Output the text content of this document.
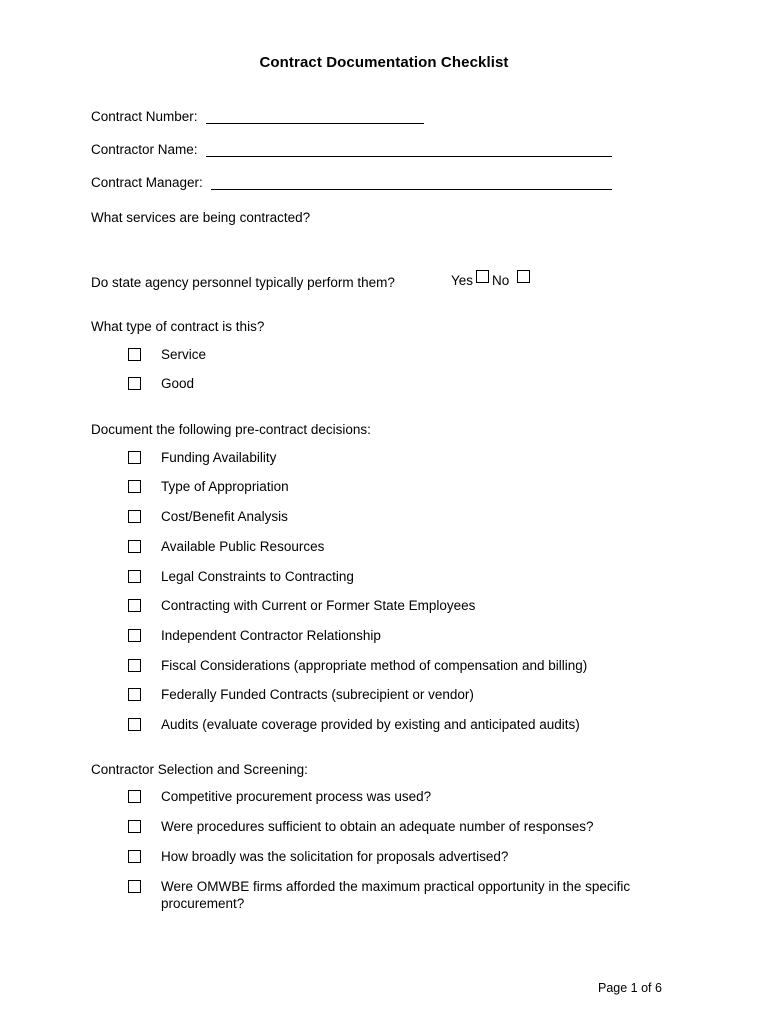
Contract Documentation Checklist
Contract Number:
Contractor Name:
Contract Manager:
What services are being contracted?
Do state agency personnel typically perform them?	Yes No
What type of contract is this?
Service
Good
Document the following pre-contract decisions:
Funding Availability
Type of Appropriation
Cost/Benefit Analysis
Available Public Resources
Legal Constraints to Contracting
Contracting with Current or Former State Employees
Independent Contractor Relationship
Fiscal Considerations (appropriate method of compensation and billing)
Federally Funded Contracts (subrecipient or vendor)
Audits (evaluate coverage provided by existing and anticipated audits)
Contractor Selection and Screening:
Competitive procurement process was used?
Were procedures sufficient to obtain an adequate number of responses?
How broadly was the solicitation for proposals advertised?
Were OMWBE firms afforded the maximum practical opportunity in the specific procurement?
Page 1 of 6
